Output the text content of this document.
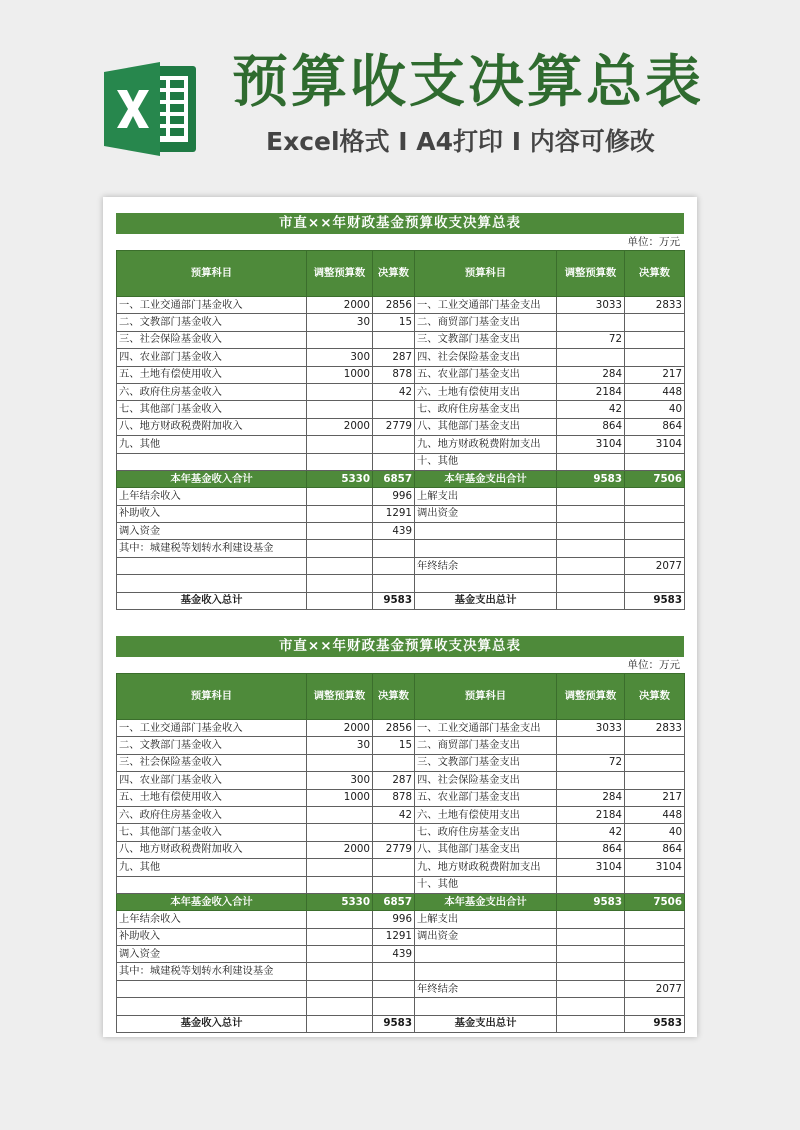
预算收支决算总表
Excel格式 I A4打印 I 内容可修改
市直××年财政基金预算收支决算总表
单位：万元
预算科目	调整预算数	决算数	预算科目	调整预算数	决算数
一、工业交通部门基金收入	2000	2856	一、工业交通部门基金支出	3033	2833
二、文教部门基金收入	30	15	二、商贸部门基金支出		
三、社会保险基金收入			三、文教部门基金支出	72	
四、农业部门基金收入	300	287	四、社会保险基金支出		
五、土地有偿使用收入	1000	878	五、农业部门基金支出	284	217
六、政府住房基金收入		42	六、土地有偿使用支出	2184	448
七、其他部门基金收入			七、政府住房基金支出	42	40
八、地方财政税费附加收入	2000	2779	八、其他部门基金支出	864	864
九、其他			九、地方财政税费附加支出	3104	3104
			十、其他		
本年基金收入合计	5330	6857	本年基金支出合计	9583	7506
上年结余收入		996	上解支出		
补助收入		1291	调出资金		
调入资金		439			
其中：城建税等划转水利建设基金					
			年终结余		2077

基金收入总计		9583	基金支出总计		9583
市直××年财政基金预算收支决算总表
单位：万元
预算科目	调整预算数	决算数	预算科目	调整预算数	决算数
一、工业交通部门基金收入	2000	2856	一、工业交通部门基金支出	3033	2833
二、文教部门基金收入	30	15	二、商贸部门基金支出		
三、社会保险基金收入			三、文教部门基金支出	72	
四、农业部门基金收入	300	287	四、社会保险基金支出		
五、土地有偿使用收入	1000	878	五、农业部门基金支出	284	217
六、政府住房基金收入		42	六、土地有偿使用支出	2184	448
七、其他部门基金收入			七、政府住房基金支出	42	40
八、地方财政税费附加收入	2000	2779	八、其他部门基金支出	864	864
九、其他			九、地方财政税费附加支出	3104	3104
			十、其他		
本年基金收入合计	5330	6857	本年基金支出合计	9583	7506
上年结余收入		996	上解支出		
补助收入		1291	调出资金		
调入资金		439			
其中：城建税等划转水利建设基金					
			年终结余		2077

基金收入总计		9583	基金支出总计		9583
